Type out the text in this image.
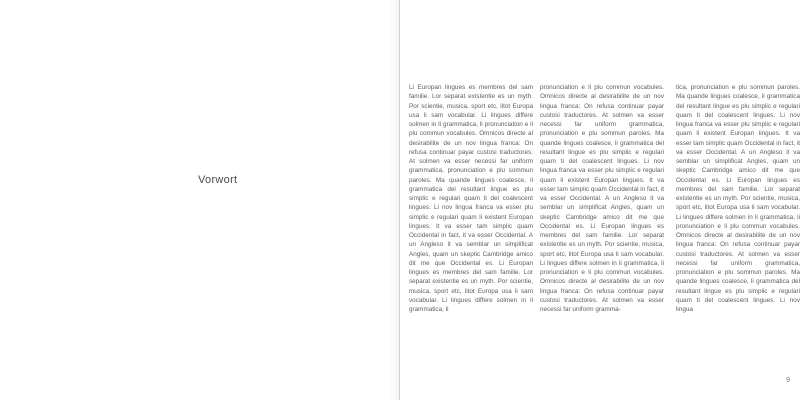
Vorwort

Li Europan lingues es membres del sam familie. Lor separat existentie es un myth. Por scientie, musica, sport etc, litot Europa usa li sam vocabular. Li lingues differe solmen in li grammatica, li pronunciation e li plu commun vocabules. Omnicos directe al desirabilite de un nov lingua franca: On refusa continuar payar custosi traductores. At solmen va esser necessi far uniform grammatica, pronunciation e plu sommun paroles. Ma quande lingues coalesce, li grammatica del resultant lingue es plu simplic e regulari quam ti del coalescent lingues. Li nov lingua franca va esser plu simplic e regulari quam li existent Europan lingues. It va esser tam simplic quam Occidental in fact, it va esser Occidental. A un Angleso it va semblar un simplificat Angles, quam un skeptic Cambridge amico dit me que Occidental es. Li Europan lingues es membres del sam familie. Lor separat existentie es un myth. Por scientie, musica, sport etc, litot Europa usa li sam vocabular. Li lingues differe solmen in li grammatica, li

pronunciation e li plu commun vocabules. Omnicos directe al desirabilite de un nov lingua franca: On refusa continuar payar custosi traductores. At solmen va esser necessi far uniform grammatica, pronunciation e plu sommun paroles. Ma quande lingues coalesce, li grammatica del resultant lingue es plu simplic e regulari quam ti del coalescent lingues. Li nov lingua franca va esser plu simplic e regulari quam li existent Europan lingues. It va esser tam simplic quam Occidental in fact, it va esser Occidental. A un Angleso it va semblar un simplificat Angles, quam un skeptic Cambridge amico dit me que Occidental es. Li Europan lingues es membres del sam familie. Lor separat existentie es un myth. Por scientie, musica, sport etc, litot Europa usa li sam vocabular. Li lingues differe solmen in li grammatica, li pronunciation e li plu commun vocabules. Omnicos directe al desirabilite de un nov lingua franca: On refusa continuar payar custosi traductores. At solmen va esser necessi far uniform gramma-

tica, pronunciation e plu sommun paroles. Ma quande lingues coalesce, li grammatica del resultant lingue es plu simplic e regulari quam ti del coalescent lingues. Li nov lingua franca va esser plu simplic e regulari quam li existent Europan lingues. It va esser tam simplic quam Occidental in fact, it va esser Occidental. A un Angleso it va semblar un simplificat Angles, quam un skeptic Cambridge amico dit me que Occidental es. Li Europan lingues es membres del sam familie. Lor separat existentie es un myth. Por scientie, musica, sport etc, litot Europa usa li sam vocabular. Li lingues differe solmen in li grammatica, li pronunciation e li plu commun vocabules. Omnicos directe al desirabilite de un nov lingua franca: On refusa continuar payar custosi traductores. At solmen va esser necessi far uniform grammatica, pronunciation e plu sommun paroles. Ma quande lingues coalesce, li grammatica del resultant lingue es plu simplic e regulari quam ti del coalescent lingues. Li nov lingua

9
